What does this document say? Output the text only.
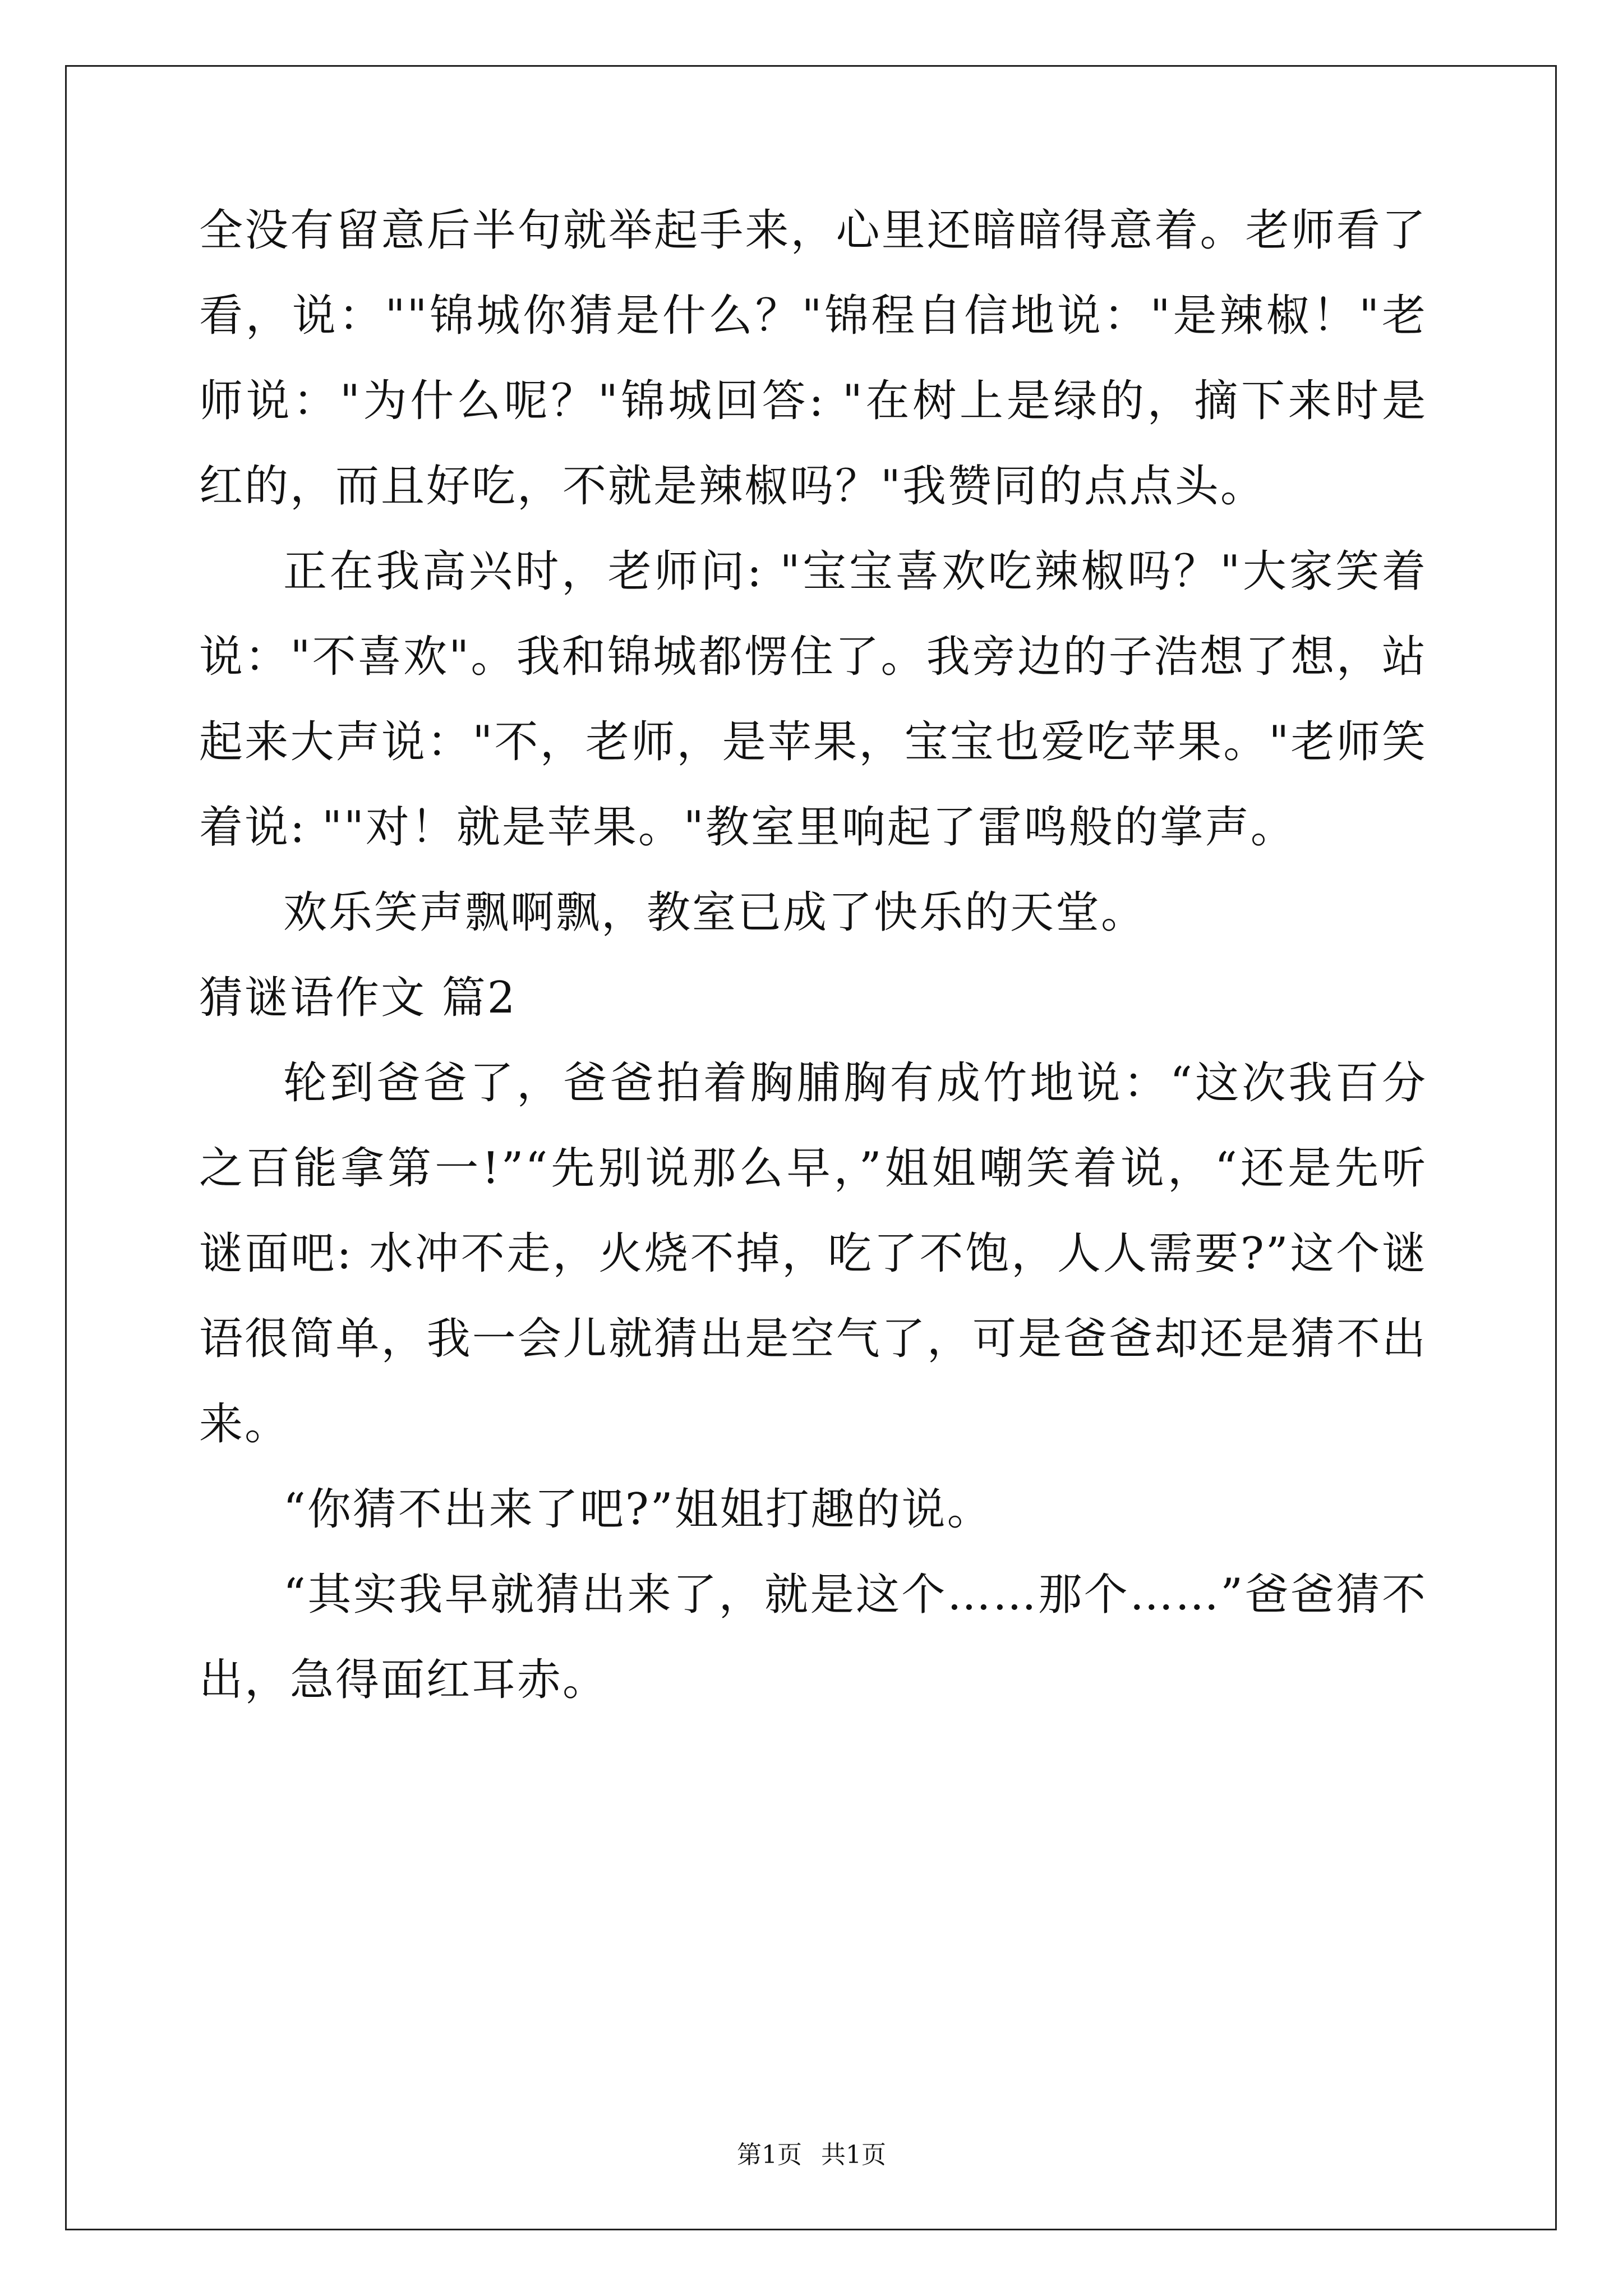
全没有留意后半句就举起手来，心里还暗暗得意着。老师看了看，说：""锦城你猜是什么？"锦程自信地说："是辣椒！"老师说："为什么呢？"锦城回答: "在树上是绿的，摘下来时是红的，而且好吃，不就是辣椒吗？"我赞同的点点头。

正在我高兴时，老师问: "宝宝喜欢吃辣椒吗？"大家笑着说："不喜欢"。我和锦城都愣住了。我旁边的子浩想了想，站起来大声说："不，老师，是苹果，宝宝也爱吃苹果。"老师笑着说: ""对！就是苹果。"教室里响起了雷鸣般的掌声。

欢乐笑声飘啊飘，教室已成了快乐的天堂。

猜谜语作文 篇2

轮到爸爸了，爸爸拍着胸脯胸有成竹地说：“这次我百分之百能拿第一!”“先别说那么早，”姐姐嘲笑着说，“还是先听谜面吧: 水冲不走，火烧不掉，吃了不饱，人人需要?”这个谜语很简单，我一会儿就猜出是空气了，可是爸爸却还是猜不出来。

“你猜不出来了吧?”姐姐打趣的说。

“其实我早就猜出来了，就是这个……那个……”爸爸猜不出，急得面红耳赤。

第1页 共1页
